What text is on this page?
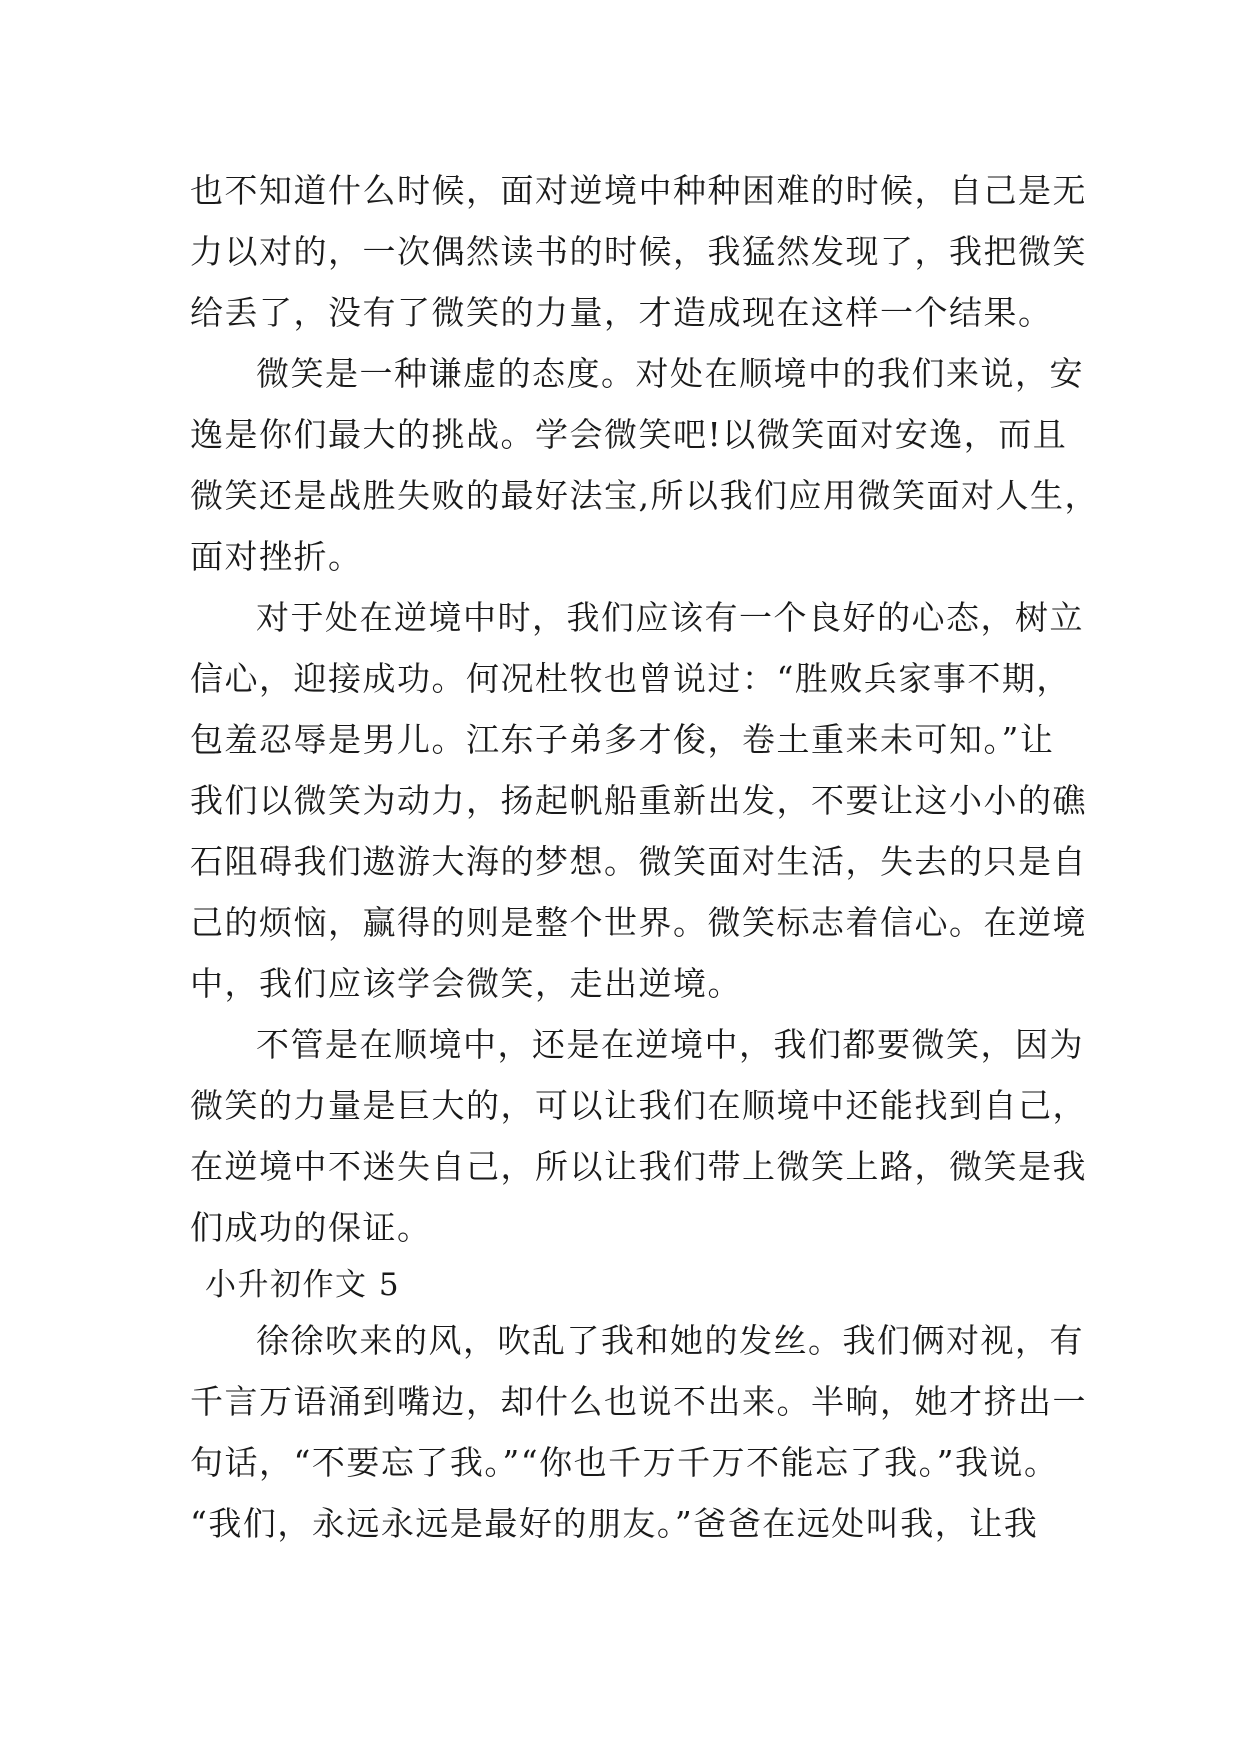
也不知道什么时候，面对逆境中种种困难的时候，自己是无
力以对的，一次偶然读书的时候，我猛然发现了，我把微笑
给丢了，没有了微笑的力量，才造成现在这样一个结果。
微笑是一种谦虚的态度。对处在顺境中的我们来说，安
逸是你们最大的挑战。学会微笑吧!以微笑面对安逸，而且
微笑还是战胜失败的最好法宝,所以我们应用微笑面对人生，
面对挫折。
对于处在逆境中时，我们应该有一个良好的心态，树立
信心，迎接成功。何况杜牧也曾说过：“胜败兵家事不期，
包羞忍辱是男儿。江东子弟多才俊，卷土重来未可知。”让
我们以微笑为动力，扬起帆船重新出发，不要让这小小的礁
石阻碍我们遨游大海的梦想。微笑面对生活，失去的只是自
己的烦恼，赢得的则是整个世界。微笑标志着信心。在逆境
中，我们应该学会微笑，走出逆境。
不管是在顺境中，还是在逆境中，我们都要微笑，因为
微笑的力量是巨大的，可以让我们在顺境中还能找到自己，
在逆境中不迷失自己，所以让我们带上微笑上路，微笑是我
们成功的保证。
小升初作文 5
徐徐吹来的风，吹乱了我和她的发丝。我们俩对视，有
千言万语涌到嘴边，却什么也说不出来。半晌，她才挤出一
句话，“不要忘了我。”“你也千万千万不能忘了我。”我说。
“我们，永远永远是最好的朋友。”爸爸在远处叫我，让我
